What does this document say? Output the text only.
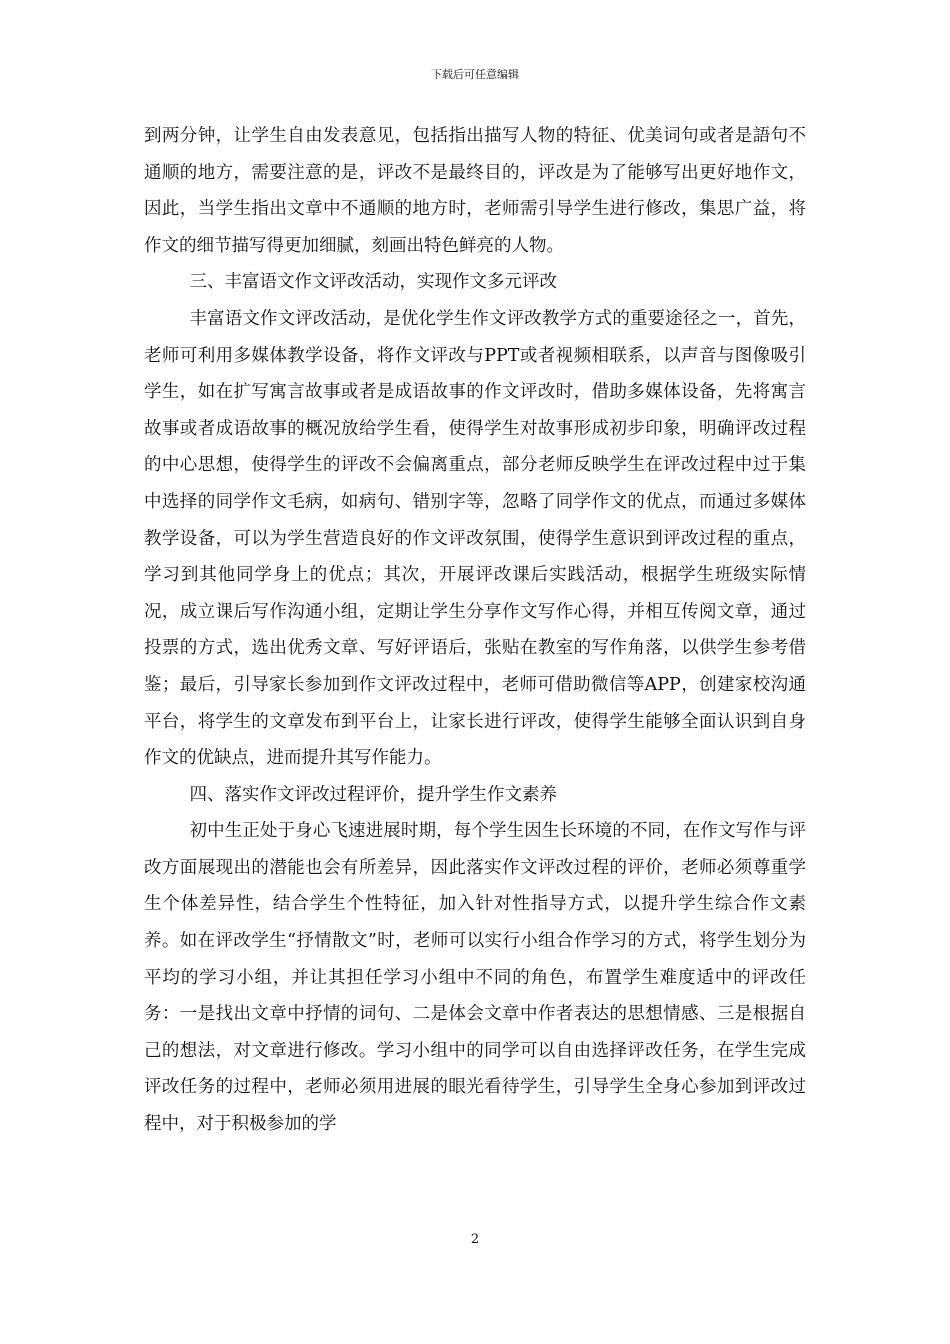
下载后可任意编辑

到两分钟，让学生自由发表意见，包括指出描写人物的特征、优美词句或者是語句不通顺的地方，需要注意的是，评改不是最终目的，评改是为了能够写出更好地作文，因此，当学生指出文章中不通顺的地方时，老师需引导学生进行修改，集思广益，将作文的细节描写得更加细腻，刻画出特色鲜亮的人物。

三、丰富语文作文评改活动，实现作文多元评改

丰富语文作文评改活动，是优化学生作文评改教学方式的重要途径之一，首先，老师可利用多媒体教学设备，将作文评改与PPT或者视频相联系，以声音与图像吸引学生，如在扩写寓言故事或者是成语故事的作文评改时，借助多媒体设备，先将寓言故事或者成语故事的概况放给学生看，使得学生对故事形成初步印象，明确评改过程的中心思想，使得学生的评改不会偏离重点，部分老师反映学生在评改过程中过于集中选择的同学作文毛病，如病句、错别字等，忽略了同学作文的优点，而通过多媒体教学设备，可以为学生营造良好的作文评改氛围，使得学生意识到评改过程的重点，学习到其他同学身上的优点；其次，开展评改课后实践活动，根据学生班级实际情况，成立课后写作沟通小组，定期让学生分享作文写作心得，并相互传阅文章，通过投票的方式，选出优秀文章、写好评语后，张贴在教室的写作角落，以供学生参考借鉴；最后，引导家长参加到作文评改过程中，老师可借助微信等APP，创建家校沟通平台，将学生的文章发布到平台上，让家长进行评改，使得学生能够全面认识到自身作文的优缺点，进而提升其写作能力。

四、落实作文评改过程评价，提升学生作文素养

初中生正处于身心飞速进展时期，每个学生因生长环境的不同，在作文写作与评改方面展现出的潜能也会有所差异，因此落实作文评改过程的评价，老师必须尊重学生个体差异性，结合学生个性特征，加入针对性指导方式，以提升学生综合作文素养。如在评改学生“抒情散文”时，老师可以实行小组合作学习的方式，将学生划分为平均的学习小组，并让其担任学习小组中不同的角色，布置学生难度适中的评改任务：一是找出文章中抒情的词句、二是体会文章中作者表达的思想情感、三是根据自己的想法，对文章进行修改。学习小组中的同学可以自由选择评改任务，在学生完成评改任务的过程中，老师必须用进展的眼光看待学生，引导学生全身心参加到评改过程中，对于积极参加的学

2
